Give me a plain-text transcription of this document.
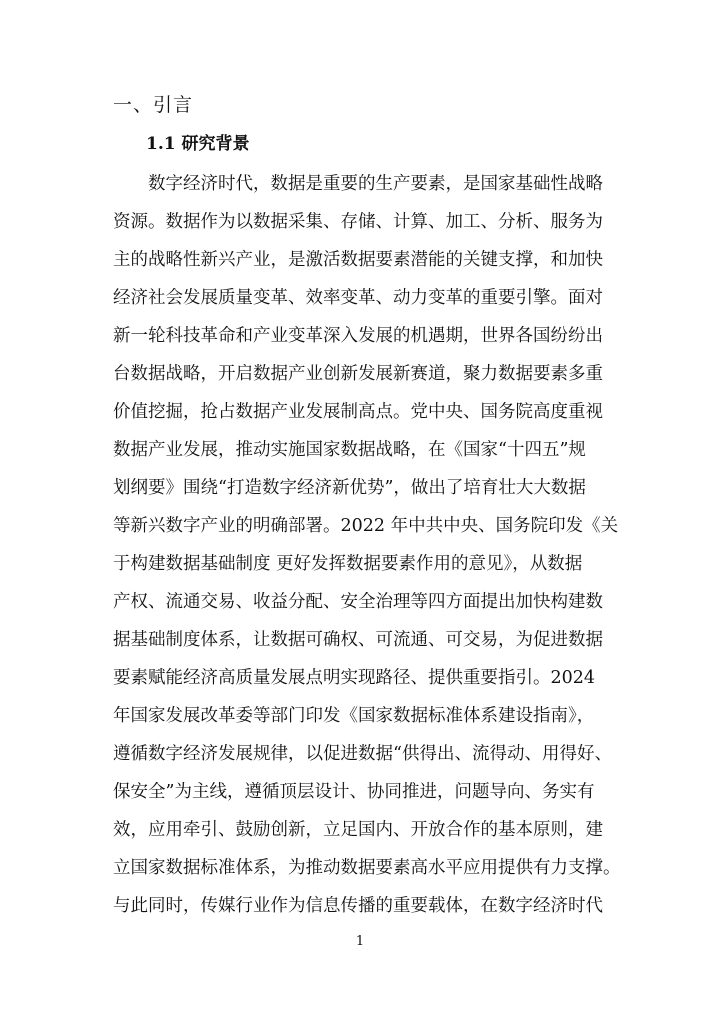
一、引言
1.1 研究背景
　　数字经济时代，数据是重要的生产要素，是国家基础性战略
资源。数据作为以数据采集、存储、计算、加工、分析、服务为
主的战略性新兴产业，是激活数据要素潜能的关键支撑，和加快
经济社会发展质量变革、效率变革、动力变革的重要引擎。面对
新一轮科技革命和产业变革深入发展的机遇期，世界各国纷纷出
台数据战略，开启数据产业创新发展新赛道，聚力数据要素多重
价值挖掘，抢占数据产业发展制高点。党中央、国务院高度重视
数据产业发展，推动实施国家数据战略，在《国家“十四五”规
划纲要》围绕“打造数字经济新优势”，做出了培育壮大大数据
等新兴数字产业的明确部署。2022 年中共中央、国务院印发《关
于构建数据基础制度 更好发挥数据要素作用的意见》，从数据
产权、流通交易、收益分配、安全治理等四方面提出加快构建数
据基础制度体系，让数据可确权、可流通、可交易，为促进数据
要素赋能经济高质量发展点明实现路径、提供重要指引。2024
年国家发展改革委等部门印发《国家数据标准体系建设指南》，
遵循数字经济发展规律，以促进数据“供得出、流得动、用得好、
保安全”为主线，遵循顶层设计、协同推进，问题导向、务实有
效，应用牵引、鼓励创新，立足国内、开放合作的基本原则，建
立国家数据标准体系，为推动数据要素高水平应用提供有力支撑。
与此同时，传媒行业作为信息传播的重要载体，在数字经济时代
1
